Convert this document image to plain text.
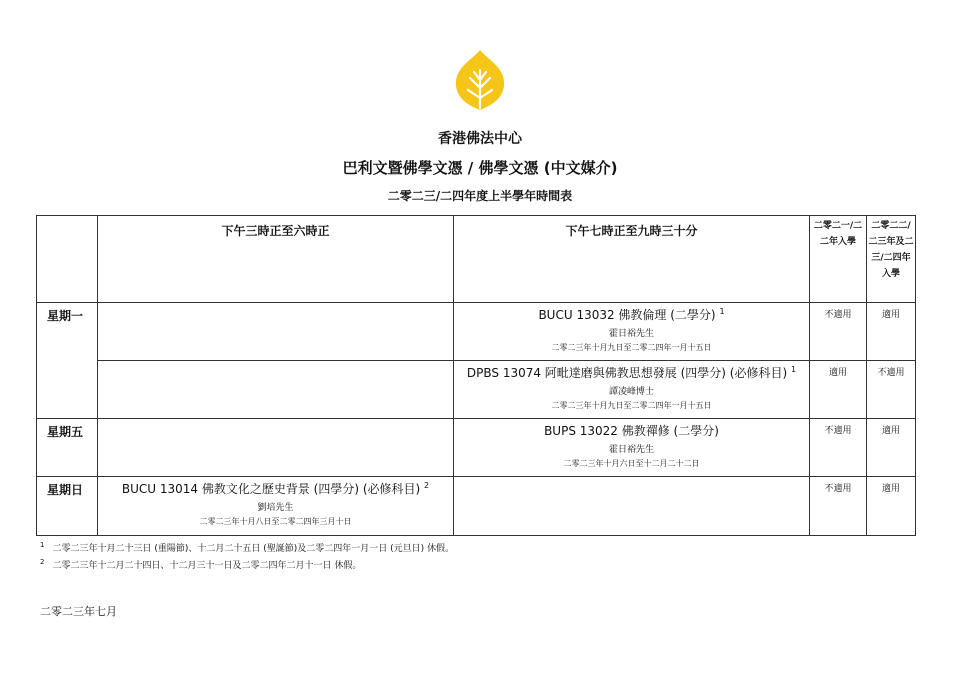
香港佛法中心
巴利文暨佛學文憑 / 佛學文憑 (中文媒介)
二零二三/二四年度上半學年時間表
	下午三時正至六時正	下午七時正至九時三十分	二零二一/二二年入學	二零二二/二三年及二三/二四年入學
星期一		BUCU 13032 佛教倫理 (二學分) $^1$
霍日裕先生
二零二三年十月九日至二零二四年一月十五日	不適用	適用

		DPBS 13074 阿毗達磨與佛教思想發展 (四學分) (必修科目) $^1$
譚凌峰博士
二零二三年十月九日至二零二四年一月十五日	適用	不適用
星期五		BUPS 13022 佛教禪修 (二學分)
霍日裕先生
二零二三年十月六日至十二月二十二日	不適用	適用
星期日	BUCU 13014 佛教文化之歷史背景 (四學分) (必修科目) $^2$
劉培先生
二零二三年十月八日至二零二四年三月十日		不適用	適用
$^1$ 二零二三年十月二十三日 (重陽節)、十二月二十五日 (聖誕節)及二零二四年一月一日 (元旦日) 休假。
$^2$ 二零二三年十二月二十四日、十二月三十一日及二零二四年二月十一日 休假。
二零二三年七月
